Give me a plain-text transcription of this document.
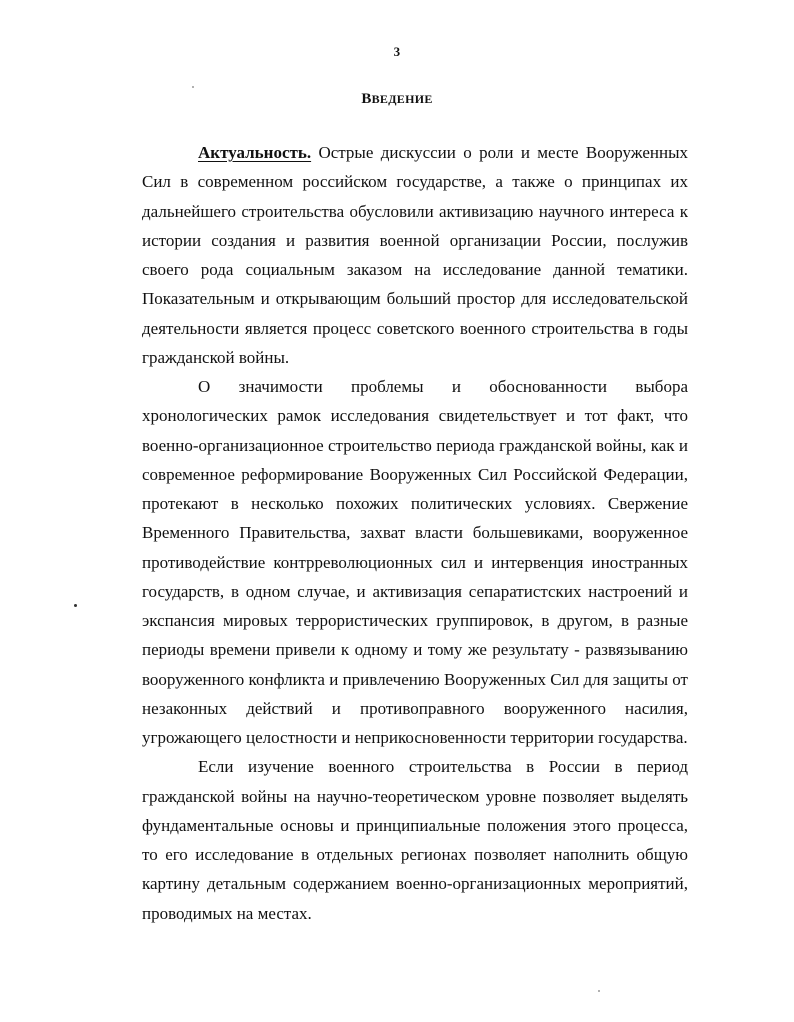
3
ВВЕДЕНИЕ

Актуальность. Острые дискуссии о роли и месте Вооруженных Сил в современном российском государстве, а также о принципах их дальнейшего строительства обусловили активизацию научного интереса к истории создания и развития военной организации России, послужив своего рода социальным заказом на исследование данной тематики. Показательным и открывающим больший простор для исследовательской деятельности является процесс советского военного строительства в годы гражданской войны.

О значимости проблемы и обоснованности выбора хронологических рамок исследования свидетельствует и тот факт, что военно-организационное строительство периода гражданской войны, как и современное реформирование Вооруженных Сил Российской Федерации, протекают в несколько похожих политических условиях. Свержение Временного Правительства, захват власти большевиками, вооруженное противодействие контрреволюционных сил и интервенция иностранных государств, в одном случае, и активизация сепаратистских настроений и экспансия мировых террористических группировок, в другом, в разные периоды времени привели к одному и тому же результату - развязыванию вооруженного конфликта и привлечению Вооруженных Сил для защиты от незаконных действий и противоправного вооруженного насилия, угрожающего целостности и неприкосновенности территории государства.

Если изучение военного строительства в России в период гражданской войны на научно-теоретическом уровне позволяет выделять фундаментальные основы и принципиальные положения этого процесса, то его исследование в отдельных регионах позволяет наполнить общую картину детальным содержанием военно-организационных мероприятий, проводимых на местах.
